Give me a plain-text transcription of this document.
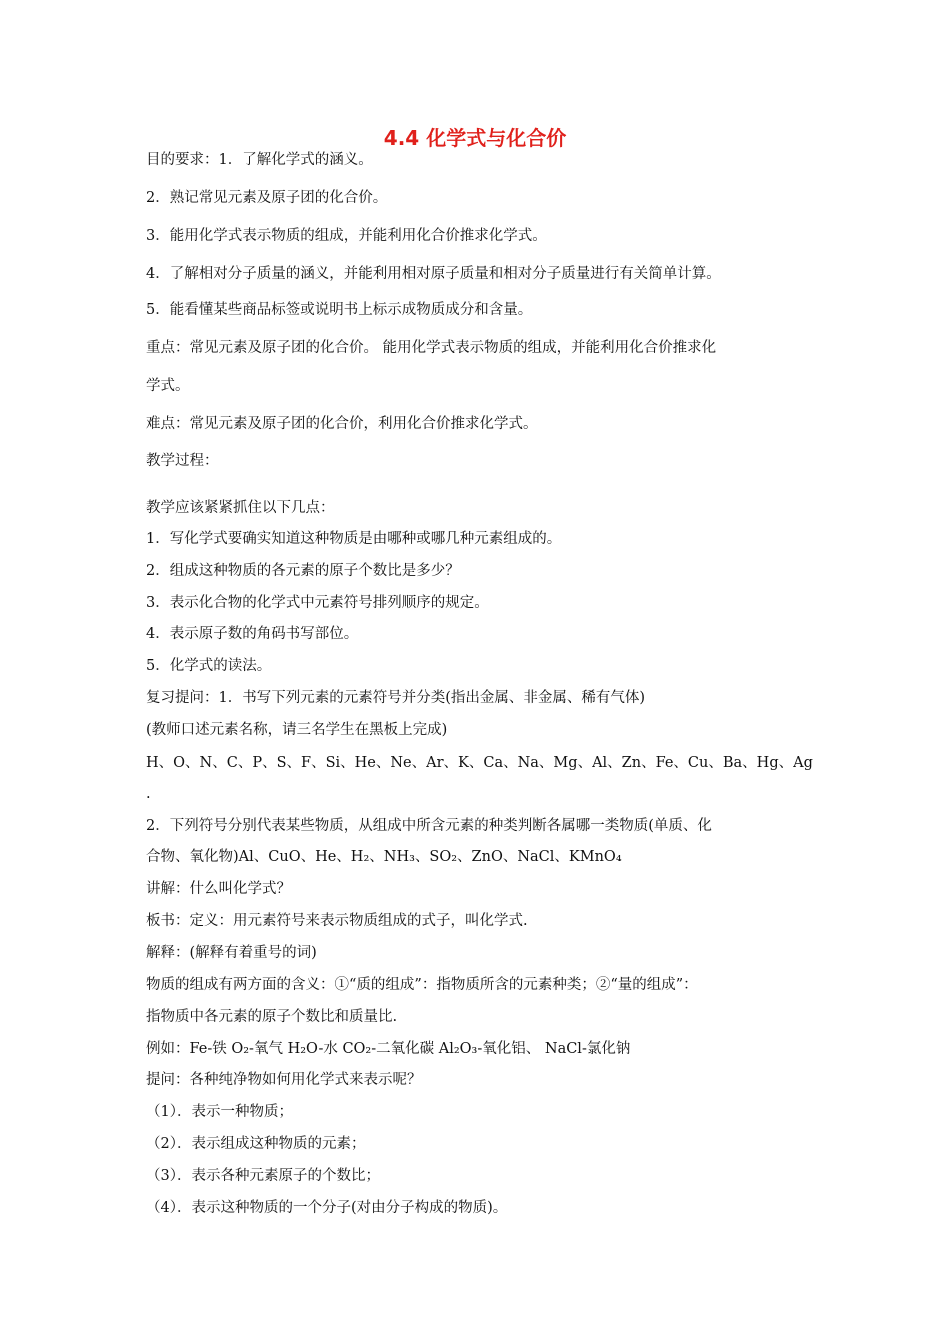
4.4 化学式与化合价
目的要求：1．了解化学式的涵义。
2．熟记常见元素及原子团的化合价。
3．能用化学式表示物质的组成，并能利用化合价推求化学式。
4．了解相对分子质量的涵义，并能利用相对原子质量和相对分子质量进行有关简单计算。
5．能看懂某些商品标签或说明书上标示成物质成分和含量。
重点：常见元素及原子团的化合价。 能用化学式表示物质的组成，并能利用化合价推求化
学式。
难点：常见元素及原子团的化合价，利用化合价推求化学式。
教学过程：
教学应该紧紧抓住以下几点：
1．写化学式要确实知道这种物质是由哪种或哪几种元素组成的。
2．组成这种物质的各元素的原子个数比是多少？
3．表示化合物的化学式中元素符号排列顺序的规定。
4．表示原子数的角码书写部位。
5．化学式的读法。
复习提问：1．书写下列元素的元素符号并分类(指出金属、非金属、稀有气体)
(教师口述元素名称，请三名学生在黑板上完成)
H、O、N、C、P、S、F、Si、He、Ne、Ar、K、Ca、Na、Mg、Al、Zn、Fe、Cu、Ba、Hg、Ag
.
2．下列符号分别代表某些物质，从组成中所含元素的种类判断各属哪一类物质(单质、化
合物、氧化物)Al、CuO、He、H₂、NH₃、SO₂、ZnO、NaCl、KMnO₄
讲解：什么叫化学式？
板书：定义：用元素符号来表示物质组成的式子，叫化学式.
解释：(解释有着重号的词)
物质的组成有两方面的含义：①“质的组成”：指物质所含的元素种类；②“量的组成”：
指物质中各元素的原子个数比和质量比.
例如：Fe-铁 O₂-氧气 H₂O-水 CO₂-二氧化碳 Al₂O₃-氧化铝、 NaCl-氯化钠
提问：各种纯净物如何用化学式来表示呢？
（1）．表示一种物质；
（2）．表示组成这种物质的元素；
（3）．表示各种元素原子的个数比；
（4）．表示这种物质的一个分子(对由分子构成的物质)。
